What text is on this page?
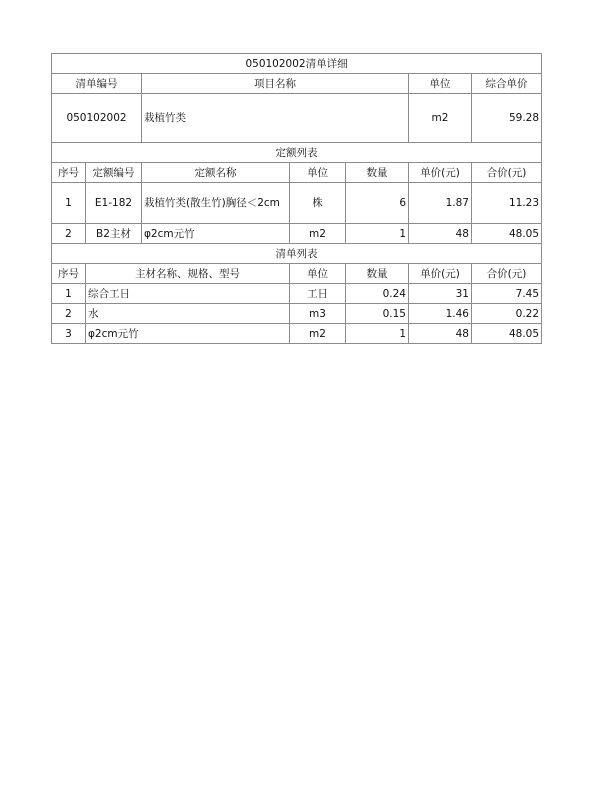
050102002清单详细						
清单编号		项目名称			单位	综合单价
050102002		栽植竹类			m2	59.28
定额列表						
序号	定额编号	定额名称	单位	数量	单价(元)	合价(元)
1	E1-182	栽植竹类(散生竹)胸径＜2cm	株	6	1.87	11.23
2	B2主材	φ2cm元竹	m2	1	48	48.05
清单列表						
序号	主材名称、规格、型号		单位	数量	单价(元)	合价(元)
1	综合工日		工日	0.24	31	7.45
2	水		m3	0.15	1.46	0.22
3	φ2cm元竹		m2	1	48	48.05
